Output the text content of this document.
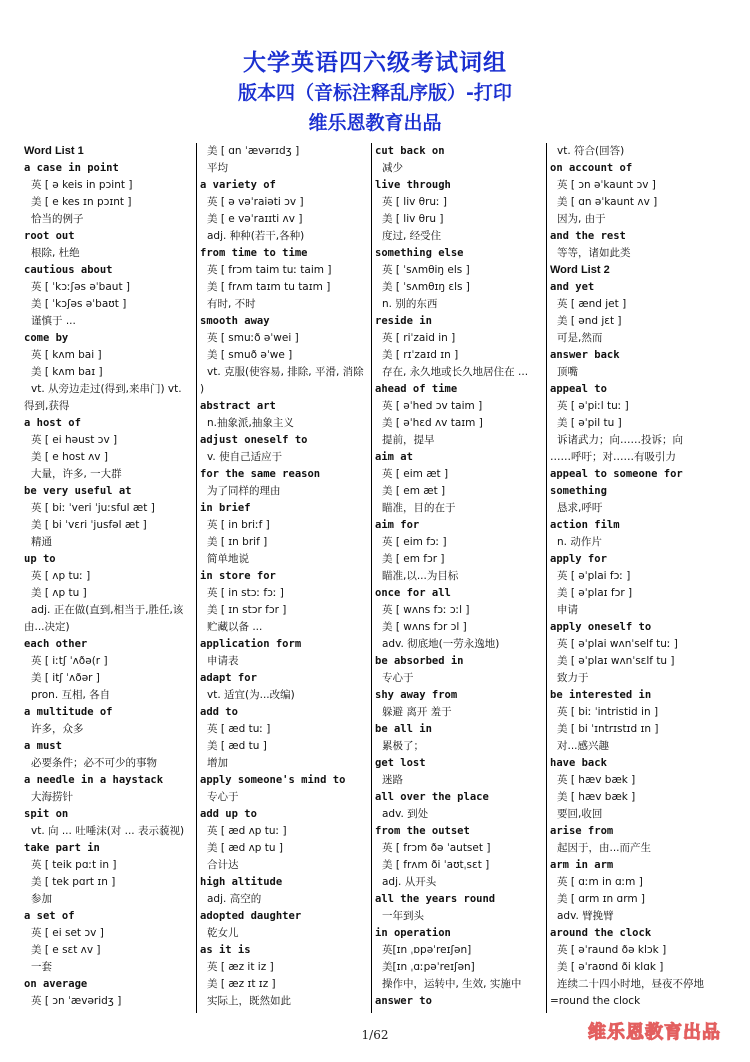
大学英语四六级考试词组
版本四（音标注释乱序版）-打印
维乐恩教育出品
Word List 1
a case in point
英 [ ə keis in pɔint ]
美 [ e kes ɪn pɔɪnt ]
恰当的例子
root out
根除, 杜绝
cautious about
英 [ ˈkɔːʃəs əˈbaut ]
美 [ ˈkɔʃəs əˈbaʊt ]
谨慎于 ...
come by
英 [ kʌm bai ]
美 [ kʌm baɪ ]
vt. 从旁边走过(得到,来串门) vt.
得到,获得
a host of
英 [ ei həust ɔv ]
美 [ e host ʌv ]
大量，许多, 一大群
be very useful at
英 [ biː ˈveri ˈjuːsful æt ]
美 [ bi ˈvɛri ˈjusfəl æt ]
精通
up to
英 [ ʌp tuː ]
美 [ ʌp tu ]
adj. 正在做(直到,相当于,胜任,该
由...决定)
each other
英 [ iːtʃ ˈʌðə(r ]
美 [ itʃ ˈʌðər ]
pron. 互相, 各自
a multitude of
许多，众多
a must
必要条件；必不可少的事物
a needle in a haystack
大海捞针
spit on
vt. 向 ... 吐唾沫(对 ... 表示藐视)
take part in
英 [ teik pɑːt in ]
美 [ tek pɑrt ɪn ]
参加
a set of
英 [ ei set ɔv ]
美 [ e sɛt ʌv ]
一套
on average
英 [ ɔn ˈævəridʒ ]
美 [ ɑn ˈævərɪdʒ ]
平均
a variety of
英 [ ə vəˈraiəti ɔv ]
美 [ e vəˈraɪɪti ʌv ]
adj. 种种(若干,各种)
from time to time
英 [ frɔm taim tuː taim ]
美 [ frʌm taɪm tu taɪm ]
有时, 不时
smooth away
英 [ smuːð əˈwei ]
美 [ smuð əˈwe ]
vt. 克服(使容易, 排除, 平滑, 消除
)
abstract art
n.抽象派,抽象主义
adjust oneself to
v. 使自己适应于
for the same reason
为了同样的理由
in brief
英 [ in briːf ]
美 [ ɪn brif ]
简单地说
in store for
英 [ in stɔː fɔː ]
美 [ ɪn stɔr fɔr ]
贮藏以备 ...
application form
申请表
adapt for
vt. 适宜(为...改编)
add to
英 [ æd tuː ]
美 [ æd tu ]
增加
apply someone's mind to
专心于
add up to
英 [ æd ʌp tuː ]
美 [ æd ʌp tu ]
合计达
high altitude
adj. 高空的
adopted daughter
乾女儿
as it is
英 [ æz it iz ]
美 [ æz ɪt ɪz ]
实际上，既然如此
cut back on
减少
live through
英 [ liv θruː ]
美 [ liv θru ]
度过, 经受住
something else
英 [ ˈsʌmθiŋ els ]
美 [ ˈsʌmθɪŋ ɛls ]
n. 别的东西
reside in
英 [ riˈzaid in ]
美 [ rɪˈzaɪd ɪn ]
存在, 永久地或长久地居住在 ...
ahead of time
英 [ əˈhed ɔv taim ]
美 [ əˈhɛd ʌv taɪm ]
提前，提早
aim at
英 [ eim æt ]
美 [ em æt ]
瞄准，目的在于
aim for
英 [ eim fɔː ]
美 [ em fɔr ]
瞄准,以...为目标
once for all
英 [ wʌns fɔː ɔːl ]
美 [ wʌns fɔr ɔl ]
adv. 彻底地(一劳永逸地)
be absorbed in
专心于
shy away from
躲避 离开 羞于
be all in
累极了；
get lost
迷路
all over the place
adv. 到处
from the outset
英 [ frɔm ðə ˈautset ]
美 [ frʌm ði ˈaʊtˌsɛt ]
adj. 从开头
all the years round
一年到头
in operation
英[ɪn ˌɒpəˈreɪʃən]
美[ɪn ˌɑːpəˈreɪʃən]
操作中，运转中, 生效, 实施中
answer to
vt. 符合(回答)
on account of
英 [ ɔn əˈkaunt ɔv ]
美 [ ɑn əˈkaunt ʌv ]
因为, 由于
and the rest
等等，诸如此类
Word List 2
and yet
英 [ ænd jet ]
美 [ ənd jɛt ]
可是,然而
answer back
顶嘴
appeal to
英 [ əˈpiːl tuː ]
美 [ əˈpil tu ]
诉诸武力；向……投诉；向
……呼吁；对……有吸引力
appeal to someone for
something
恳求,呼吁
action film
n. 动作片
apply for
英 [ əˈplai fɔː ]
美 [ əˈplaɪ fɔr ]
申请
apply oneself to
英 [ əˈplai wʌnˈself tuː ]
美 [ əˈplaɪ wʌnˈsɛlf tu ]
致力于
be interested in
英 [ biː ˈintristid in ]
美 [ bi ˈɪntrɪstɪd ɪn ]
对...感兴趣
have back
英 [ hæv bæk ]
美 [ hæv bæk ]
要回,收回
arise from
起因于，由...而产生
arm in arm
英 [ ɑːm in ɑːm ]
美 [ ɑrm ɪn ɑrm ]
adv. 臂挽臂
around the clock
英 [ əˈraund ðə klɔk ]
美 [ əˈraʊnd ði klɑk ]
连续二十四小时地，昼夜不停地
=round the clock
1/62	维乐恩教育出品
